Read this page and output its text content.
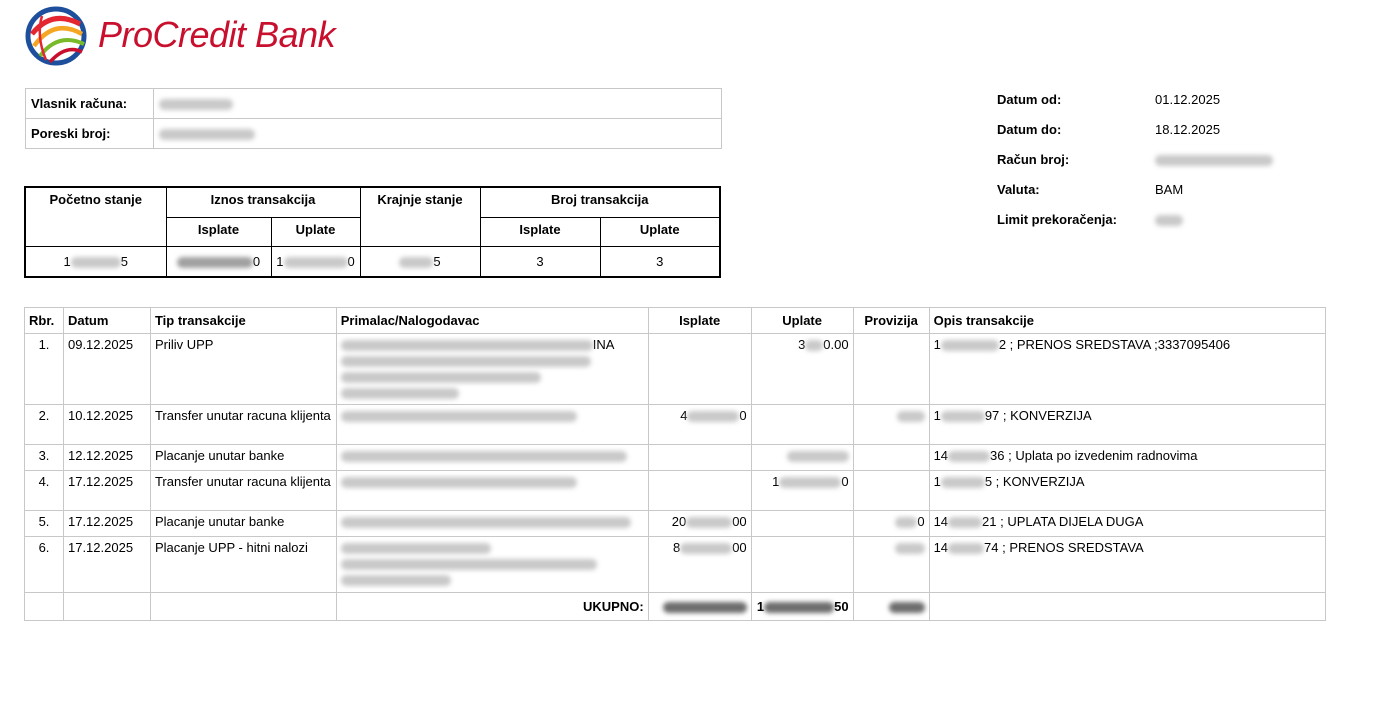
ProCredit Bank
Vlasnik računa:	
Poreski broj:	
Početno stanje	Iznos transakcija		Krajnje stanje	Broj transakcija	
	Isplate	Uplate		Isplate	Uplate
1 5	0	1 0	5	3	3
Datum od:	01.12.2025
Datum do:	18.12.2025
Račun broj:
Valuta:	BAM
Limit prekoračenja:
Rbr.	Datum	Tip transakcije	Primalac/Nalogodavac	Isplate	Uplate	Provizija	Opis transakcije
1.	09.12.2025	Priliv UPP	INA		3 0.00		1 2 ; PRENOS SREDSTAVA ;3337095406
2.	10.12.2025	Transfer unutar racuna klijenta		4 0			1 97 ; KONVERZIJA
3.	12.12.2025	Placanje unutar banke					14 36 ; Uplata po izvedenim radnovima
4.	17.12.2025	Transfer unutar racuna klijenta			1 0		1 5 ; KONVERZIJA
5.	17.12.2025	Placanje unutar banke		20 00		0	14 21 ; UPLATA DIJELA DUGA
6.	17.12.2025	Placanje UPP - hitni nalozi		8 00			14 74 ; PRENOS SREDSTAVA
			UKUPNO:		1 50		
